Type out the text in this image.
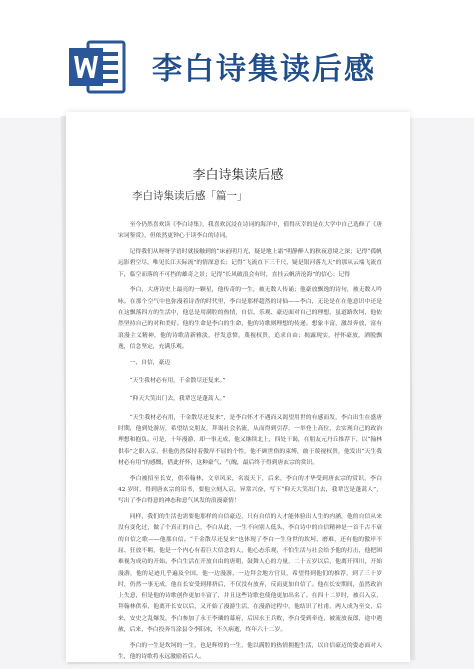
李白诗集读后感
李白诗集读后感
李白诗集读后感「篇一」

至今仍然喜欢读《李白诗集》，我喜欢沉浸在诗词的海洋中，值得庆幸的是在大学中自己选修了《唐宋词鉴赏》，但依然更钟心于读李白的诗词。

记得我们从呀呀学语时就接触到的“床前明月光，疑是地上霜”明静醉人的秋夜意境之深；记得“孤帆远影碧空尽，唯见长江天际流”的情深意长；记得“飞流直下三千尺，疑是银河落九天”的那从云端飞流直下，临空而落的不可挡的雄奇之景；记得“长风破浪会有时，直挂云帆济沧海”的信心；记得

李白，大唐诗史上最亮的一颗星，他传奇的一生，被无数人传诵；他豪放飘逸的诗句，被无数人吟咏。在那个空气中也弥漫着诗香的时代里，李白是那样超然的诗仙——李白，无论是在在他意识中还是在这飘落四方的生活中，他总是用满腔的热情，自信、乐观、豪迈面对自己的理想，虽道路坎坷，他依然坚持自己的对和美好。他的生命是李白的生命，他的诗歌则理想的传递。想象丰富，激昂奔放，富有浪漫主义精神，他的诗歌清新雅淡，抒发意愤，蔑视权贵，追求自由；揭露现实，抒怀豪放，洒脱飘逸，信念坚定，充满乐观。

一、自信，豪迈

“天生我材必有用，千金散尽还复来。”

“仰天大笑出门去，我辈岂是蓬蒿人。”

“天生我材必有用，千金散尽还复来”，是李白怀才不遇而又渴望用世的有感而发，李白出生在盛唐时期，他到处游历，希望结交朋友，拜谒社会名流，从而得到引荐，一举登上高位，去实现自己的政治理想和抱负。可是，十年漫游，却一事无成，他又继续北上，四处干谒，在朋友元丹丘推荐下，以“翰林供奉”之职入京，但他仍然保持着傲岸不屈的个性，他不顾世俗的束缚，敢于蔑视权贵，他发出“天生我材必有用”的感慨，借此抒怀，这种豪气、气魄，最后终于得到唐玄宗的赏识。

李白被招至长安，供奉翰林，文章风采，名震天下，后来，李白的才华受到唐玄宗的赏识，李白 42 岁时，得到唐玄宗的诏书，要他立刻入京，异常兴奋，写下“仰天大笑出门去，我辈岂是蓬蒿人”，写出了李白得意的神态和意气风发的浪漫豪情！

同样，我们的生活也需要他那样的自信豪迈，只有自信的人才能体验出人生的内涵，他的自信从来没有变化过，做了个真正的自己，李白从此，一生不向别人低头，李白诗中的自信精神是一首千古不衰的自信之歌——他那自信。“千金散尽还复来”也体现了李白一生身世的坎坷、磨难，还有他的傲岸不屈、狂放不羁，他是一个内心有着巨大信念的人，他心态乐观，不怕生活与社会给予他的打击，他把困难视为成功的开始。李白生活在开放自由的唐朝，鼓舞人心的力量，二十五岁以后，他离开四川，开始漫游，他的足迹几乎遍及全国，他一边漫游，一边拜会地方官员，希望得到他们的推荐，到了三十岁时，仍然一事无成，他在长安受到排挤后，不仅没有放弃，反而更加自信了。他在长安期间，虽然政治上失意，但是他的诗歌创作更加丰富了，并且这些诗歌也使他更加出名了。在四十二岁时，被召入京，拜翰林供奉，他离开长安以后，又开始了漫游生活，在漫游过程中，他结识了杜甫，两人成为至交，后来，安史之乱爆发，李白参加了永王李璘的幕府，后因永王兵败，李白受到牵连，被流放夜郎，途中遇赦，后来，李白投奔当涂县令李阳冰，不久病逝，终年六十二岁。

李白的一生是坎坷的一生，也是辉煌的一生，他以满腔的热情拥抱生活，以自信豪迈的姿态面对人生，他的诗歌将永远激励着后人。
